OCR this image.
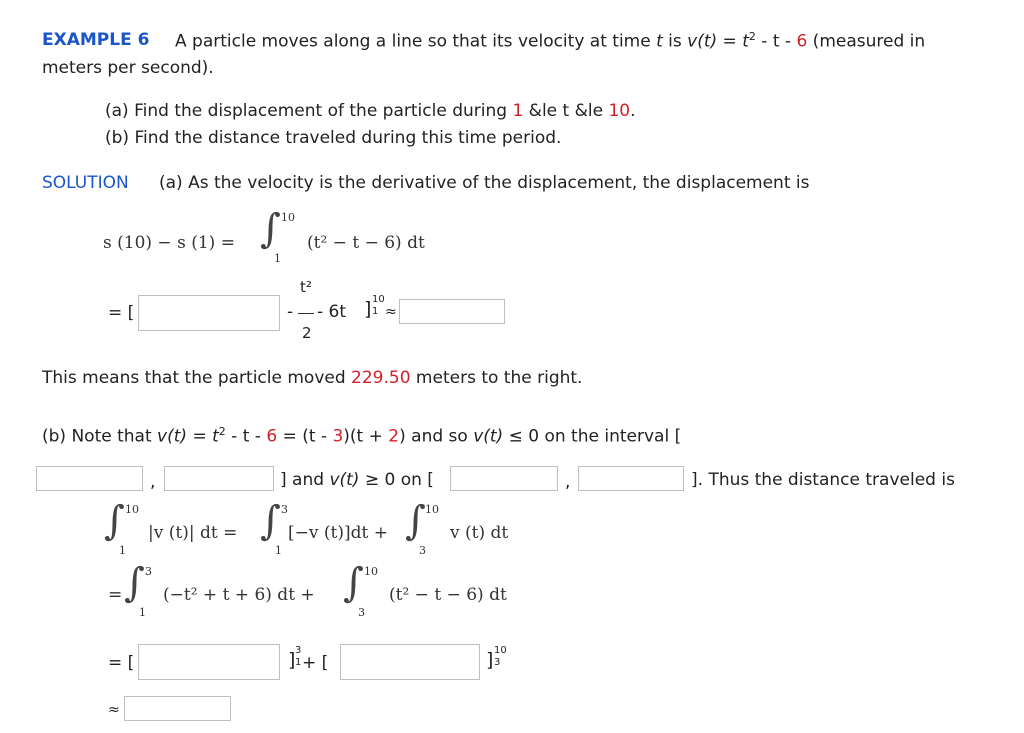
EXAMPLE 6 A particle moves along a line so that its velocity at time t is $v(t) = t^2 - t - 6$ (measured in
meters per second).
(a) Find the displacement of the particle during 1 &le t &le 10.
(b) Find the distance traveled during this time period.
SOLUTION (a) As the velocity is the derivative of the displacement, the displacement is
s (10) − s (1) = ∫ 10
1
(t² − t − 6) dt
= [	-
t²
2
- 6t ] 10
1 ≈
This means that the particle moved 229.50 meters to the right.
(b) Note that $v(t) = t^2 - t - 6 = (t - 3)(t + 2)$ and so v(t) ≤ 0 on the interval [
,	] and v(t) ≥ 0 on [	,	]. Thus the distance traveled is
∫ 10
1
|v (t)| dt = ∫ 3
1
[−v (t)]dt + ∫ 10
3
v (t) dt
= ∫ 3
1
(−t² + t + 6) dt + ∫ 10
3
(t² − t − 6) dt
= [	] 3
1 + [	] 10
3
≈
